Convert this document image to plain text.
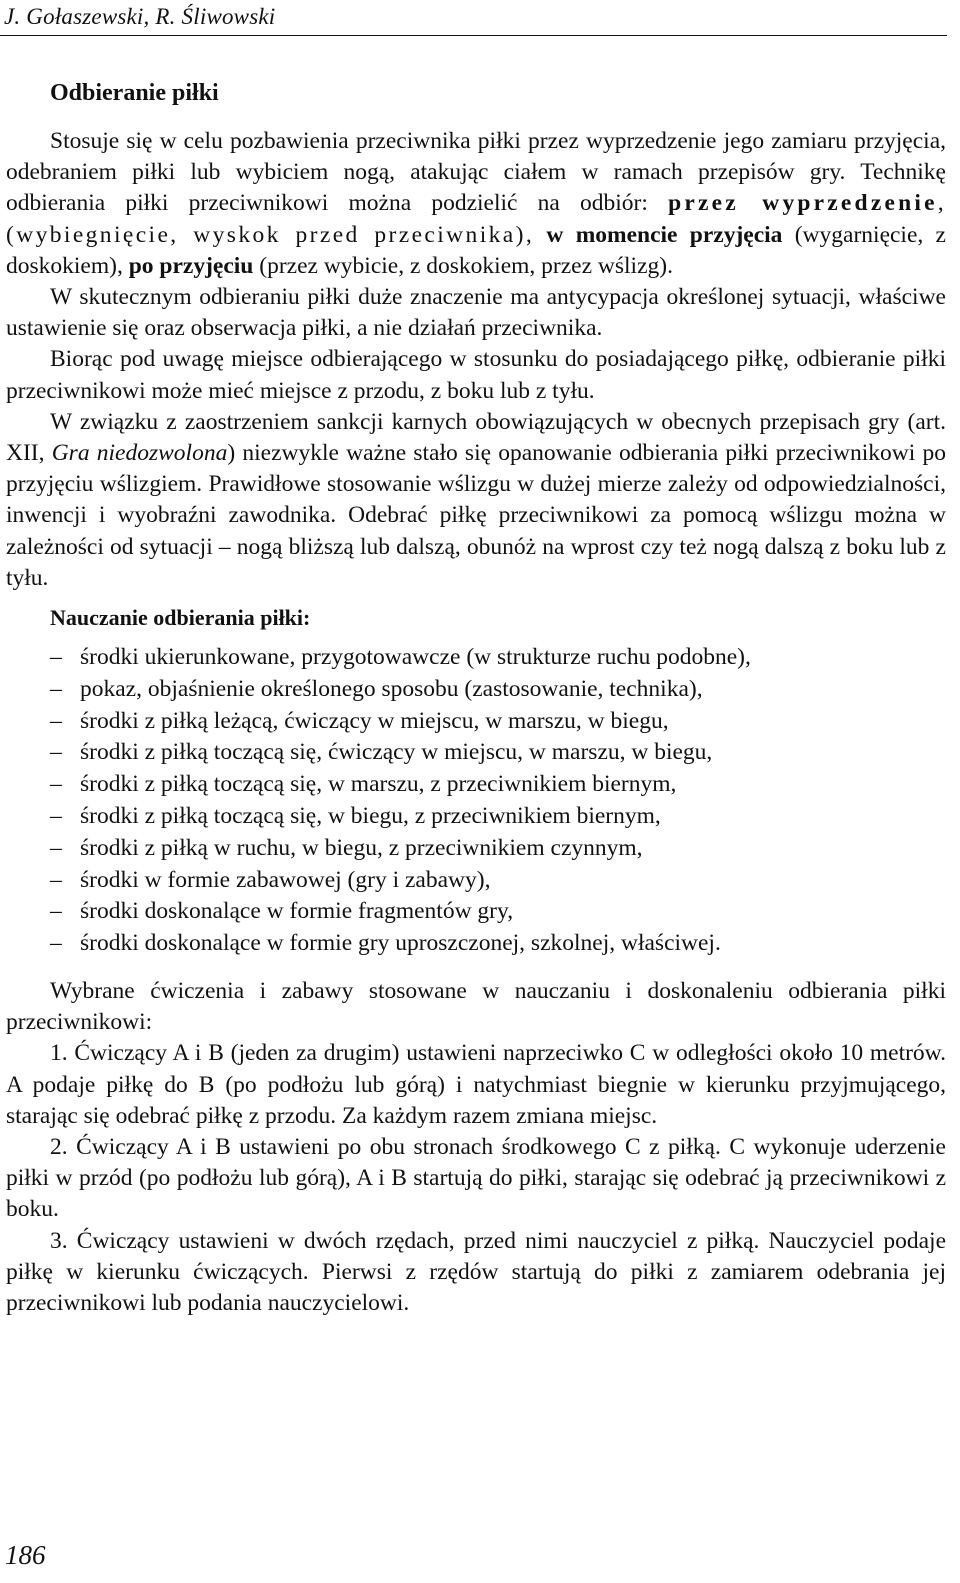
J. Gołaszewski, R. Śliwowski
Odbieranie piłki

Stosuje się w celu pozbawienia przeciwnika piłki przez wyprzedzenie jego zamiaru przyjęcia, odebraniem piłki lub wybiciem nogą, atakując ciałem w ramach przepisów gry. Technikę odbierania piłki przeciwnikowi można podzielić na odbiór: przez wyprzedzenie, (wybiegnięcie, wyskok przed przeciwnika), w momencie przyjęcia (wygarnięcie, z doskokiem), po przyjęciu (przez wybicie, z doskokiem, przez wślizg).

W skutecznym odbieraniu piłki duże znaczenie ma antycypacja określonej sytuacji, właściwe ustawienie się oraz obserwacja piłki, a nie działań przeciwnika.

Biorąc pod uwagę miejsce odbierającego w stosunku do posiadającego piłkę, odbieranie piłki przeciwnikowi może mieć miejsce z przodu, z boku lub z tyłu.

W związku z zaostrzeniem sankcji karnych obowiązujących w obecnych przepisach gry (art. XII, Gra niedozwolona) niezwykle ważne stało się opanowanie odbierania piłki przeciwnikowi po przyjęciu wślizgiem. Prawidłowe stosowanie wślizgu w dużej mierze zależy od odpowiedzialności, inwencji i wyobraźni zawodnika. Odebrać piłkę przeciwnikowi za pomocą wślizgu można w zależności od sytuacji – nogą bliższą lub dalszą, obunóż na wprost czy też nogą dalszą z boku lub z tyłu.

Nauczanie odbierania piłki:
– środki ukierunkowane, przygotowawcze (w strukturze ruchu podobne),
– pokaz, objaśnienie określonego sposobu (zastosowanie, technika),
– środki z piłką leżącą, ćwiczący w miejscu, w marszu, w biegu,
– środki z piłką toczącą się, ćwiczący w miejscu, w marszu, w biegu,
– środki z piłką toczącą się, w marszu, z przeciwnikiem biernym,
– środki z piłką toczącą się, w biegu, z przeciwnikiem biernym,
– środki z piłką w ruchu, w biegu, z przeciwnikiem czynnym,
– środki w formie zabawowej (gry i zabawy),
– środki doskonalące w formie fragmentów gry,
– środki doskonalące w formie gry uproszczonej, szkolnej, właściwej.

Wybrane ćwiczenia i zabawy stosowane w nauczaniu i doskonaleniu odbierania piłki przeciwnikowi:

1. Ćwiczący A i B (jeden za drugim) ustawieni naprzeciwko C w odległości około 10 metrów. A podaje piłkę do B (po podłożu lub górą) i natychmiast biegnie w kierunku przyjmującego, starając się odebrać piłkę z przodu. Za każdym razem zmiana miejsc.

2. Ćwiczący A i B ustawieni po obu stronach środkowego C z piłką. C wykonuje uderzenie piłki w przód (po podłożu lub górą), A i B startują do piłki, starając się odebrać ją przeciwnikowi z boku.

3. Ćwiczący ustawieni w dwóch rzędach, przed nimi nauczyciel z piłką. Nauczyciel podaje piłkę w kierunku ćwiczących. Pierwsi z rzędów startują do piłki z zamiarem odebrania jej przeciwnikowi lub podania nauczycielowi.

186
